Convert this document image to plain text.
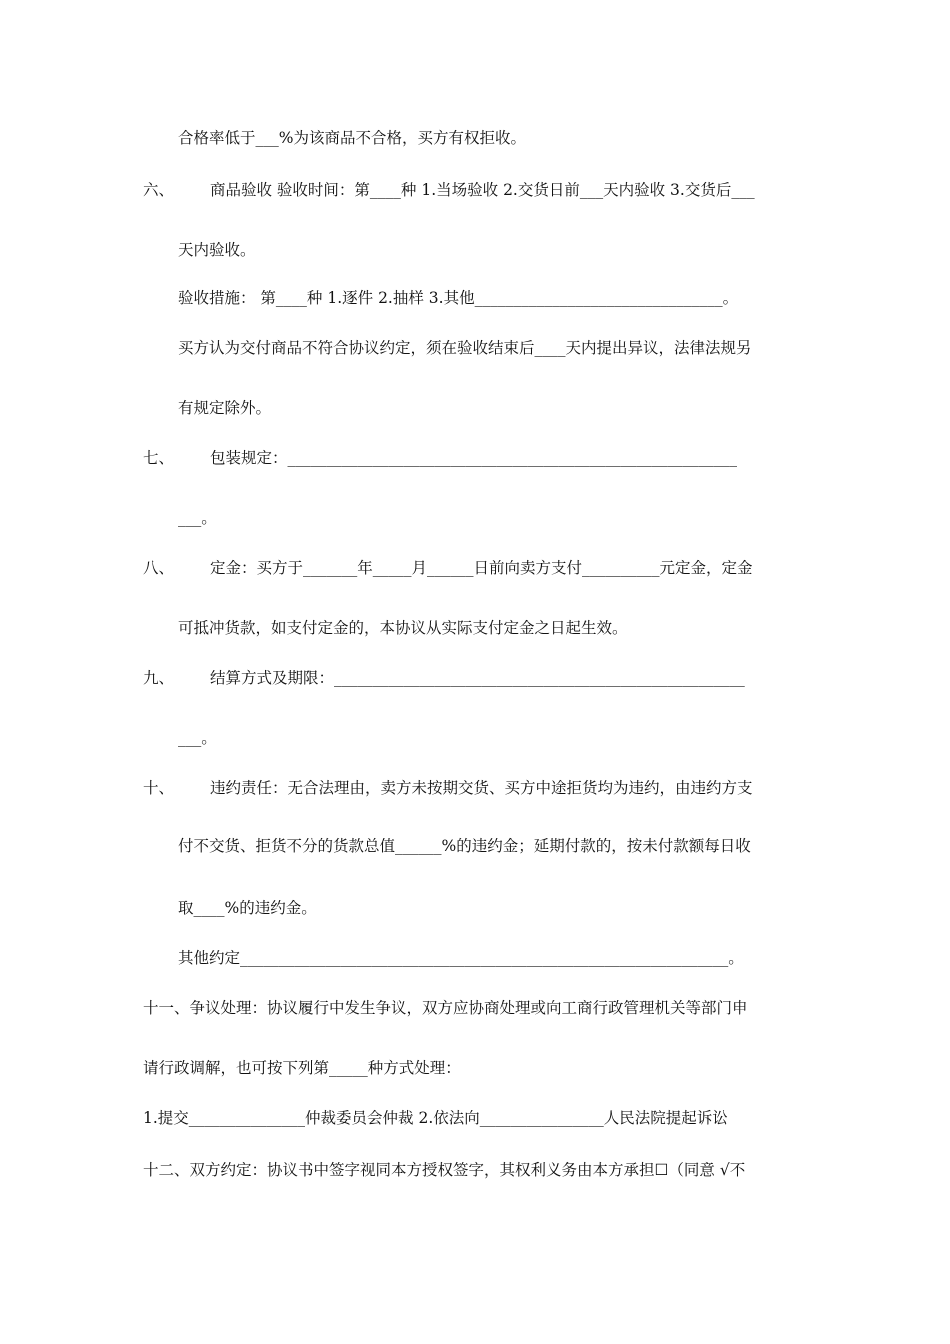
合格率低于___%为该商品不合格，买方有权拒收。
六、 商品验收 验收时间：第____种 1.当场验收 2.交货日前___天内验收 3.交货后___
天内验收。
验收措施： 第____种 1.逐件 2.抽样 3.其他________________________________。
买方认为交付商品不符合协议约定，须在验收结束后____天内提出异议，法律法规另
有规定除外。
七、 包装规定：__________________________________________________________
___。
八、 定金：买方于_______年_____月______日前向卖方支付__________元定金，定金
可抵冲货款，如支付定金的，本协议从实际支付定金之日起生效。
九、 结算方式及期限：_____________________________________________________
___。
十、 违约责任：无合法理由，卖方未按期交货、买方中途拒货均为违约，由违约方支
付不交货、拒货不分的货款总值______%的违约金；延期付款的，按未付款额每日收
取____%的违约金。
其他约定_______________________________________________________________。
十一、争议处理：协议履行中发生争议，双方应协商处理或向工商行政管理机关等部门申
请行政调解，也可按下列第_____种方式处理：
1.提交_______________仲裁委员会仲裁 2.依法向________________人民法院提起诉讼
十二、双方约定：协议书中签字视同本方授权签字，其权利义务由本方承担☐（同意 √不
